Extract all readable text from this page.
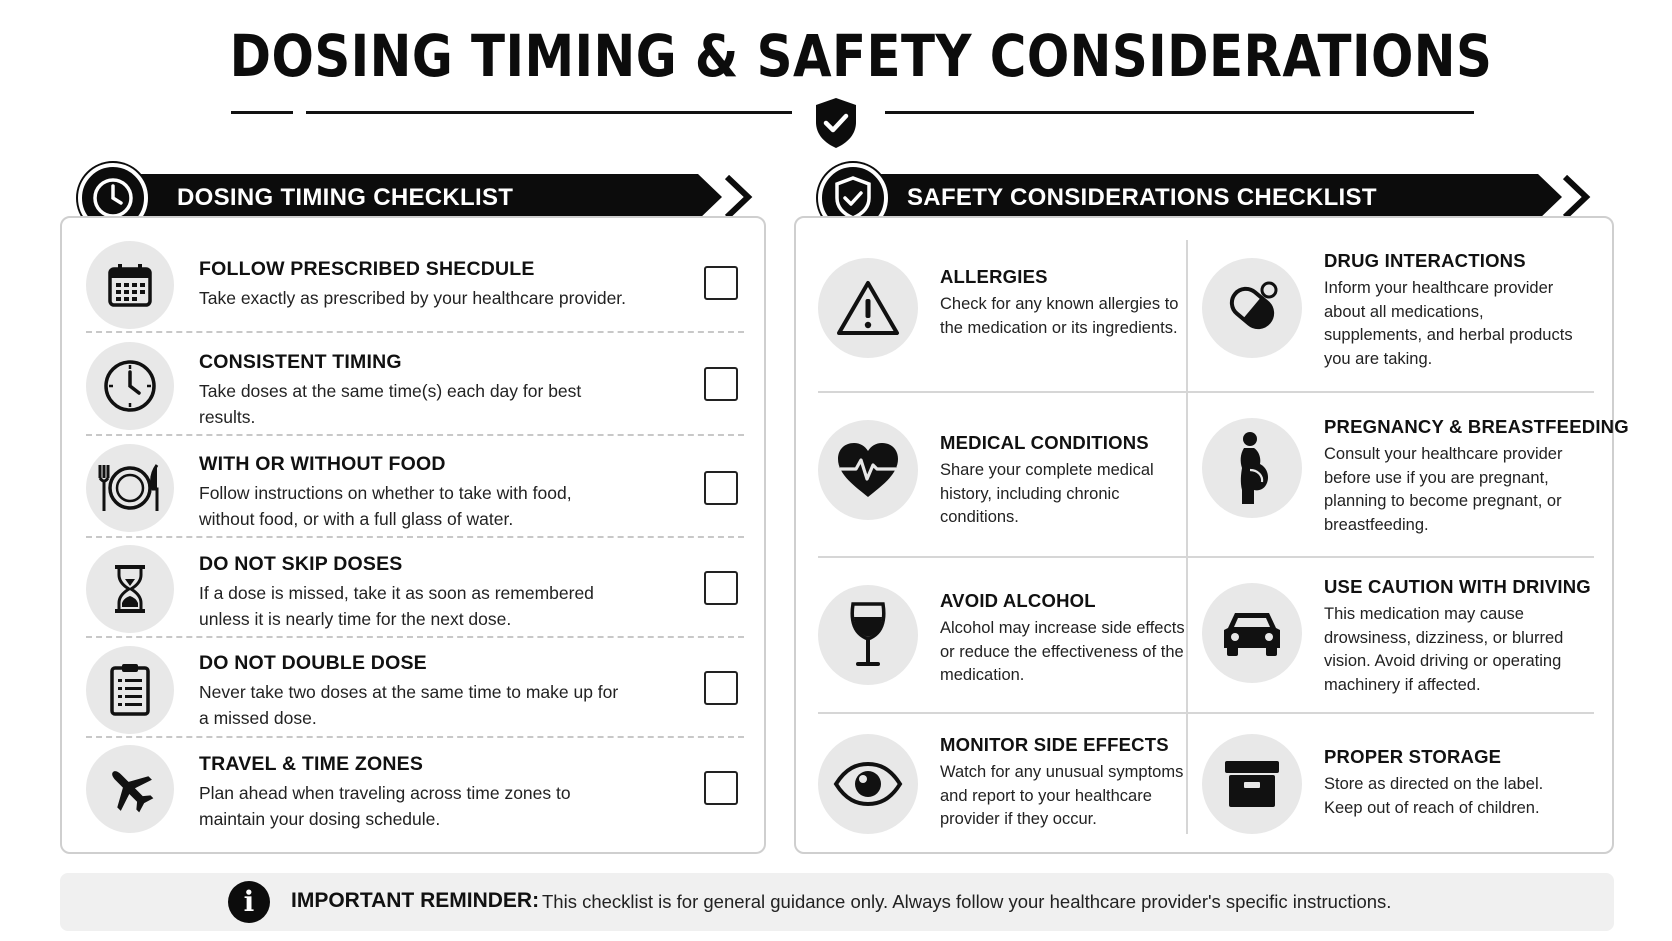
DOSING TIMING & SAFETY CONSIDERATIONS
DOSING TIMING CHECKLIST	SAFETY CONSIDERATIONS CHECKLIST
FOLLOW PRESCRIBED SHECDULE
Take exactly as prescribed by your healthcare provider.
CONSISTENT TIMING
Take doses at the same time(s) each day for best results.
WITH OR WITHOUT FOOD
Follow instructions on whether to take with food, without food, or with a full glass of water.
DO NOT SKIP DOSES
If a dose is missed, take it as soon as remembered unless it is nearly time for the next dose.
DO NOT DOUBLE DOSE
Never take two doses at the same time to make up for a missed dose.
TRAVEL & TIME ZONES
Plan ahead when traveling across time zones to maintain your dosing schedule.
ALLERGIES
Check for any known allergies to the medication or its ingredients.
DRUG INTERACTIONS
Inform your healthcare provider about all medications, supplements, and herbal products you are taking.
MEDICAL CONDITIONS
Share your complete medical history, including chronic conditions.
PREGNANCY & BREASTFEEDING
Consult your healthcare provider before use if you are pregnant, planning to become pregnant, or breastfeeding.
AVOID ALCOHOL
Alcohol may increase side effects or reduce the effectiveness of the medication.
USE CAUTION WITH DRIVING
This medication may cause drowsiness, dizziness, or blurred vision. Avoid driving or operating machinery if affected.
MONITOR SIDE EFFECTS
Watch for any unusual symptoms and report to your healthcare provider if they occur.
PROPER STORAGE
Store as directed on the label. Keep out of reach of children.
i	IMPORTANT REMINDER: This checklist is for general guidance only. Always follow your healthcare provider's specific instructions.
